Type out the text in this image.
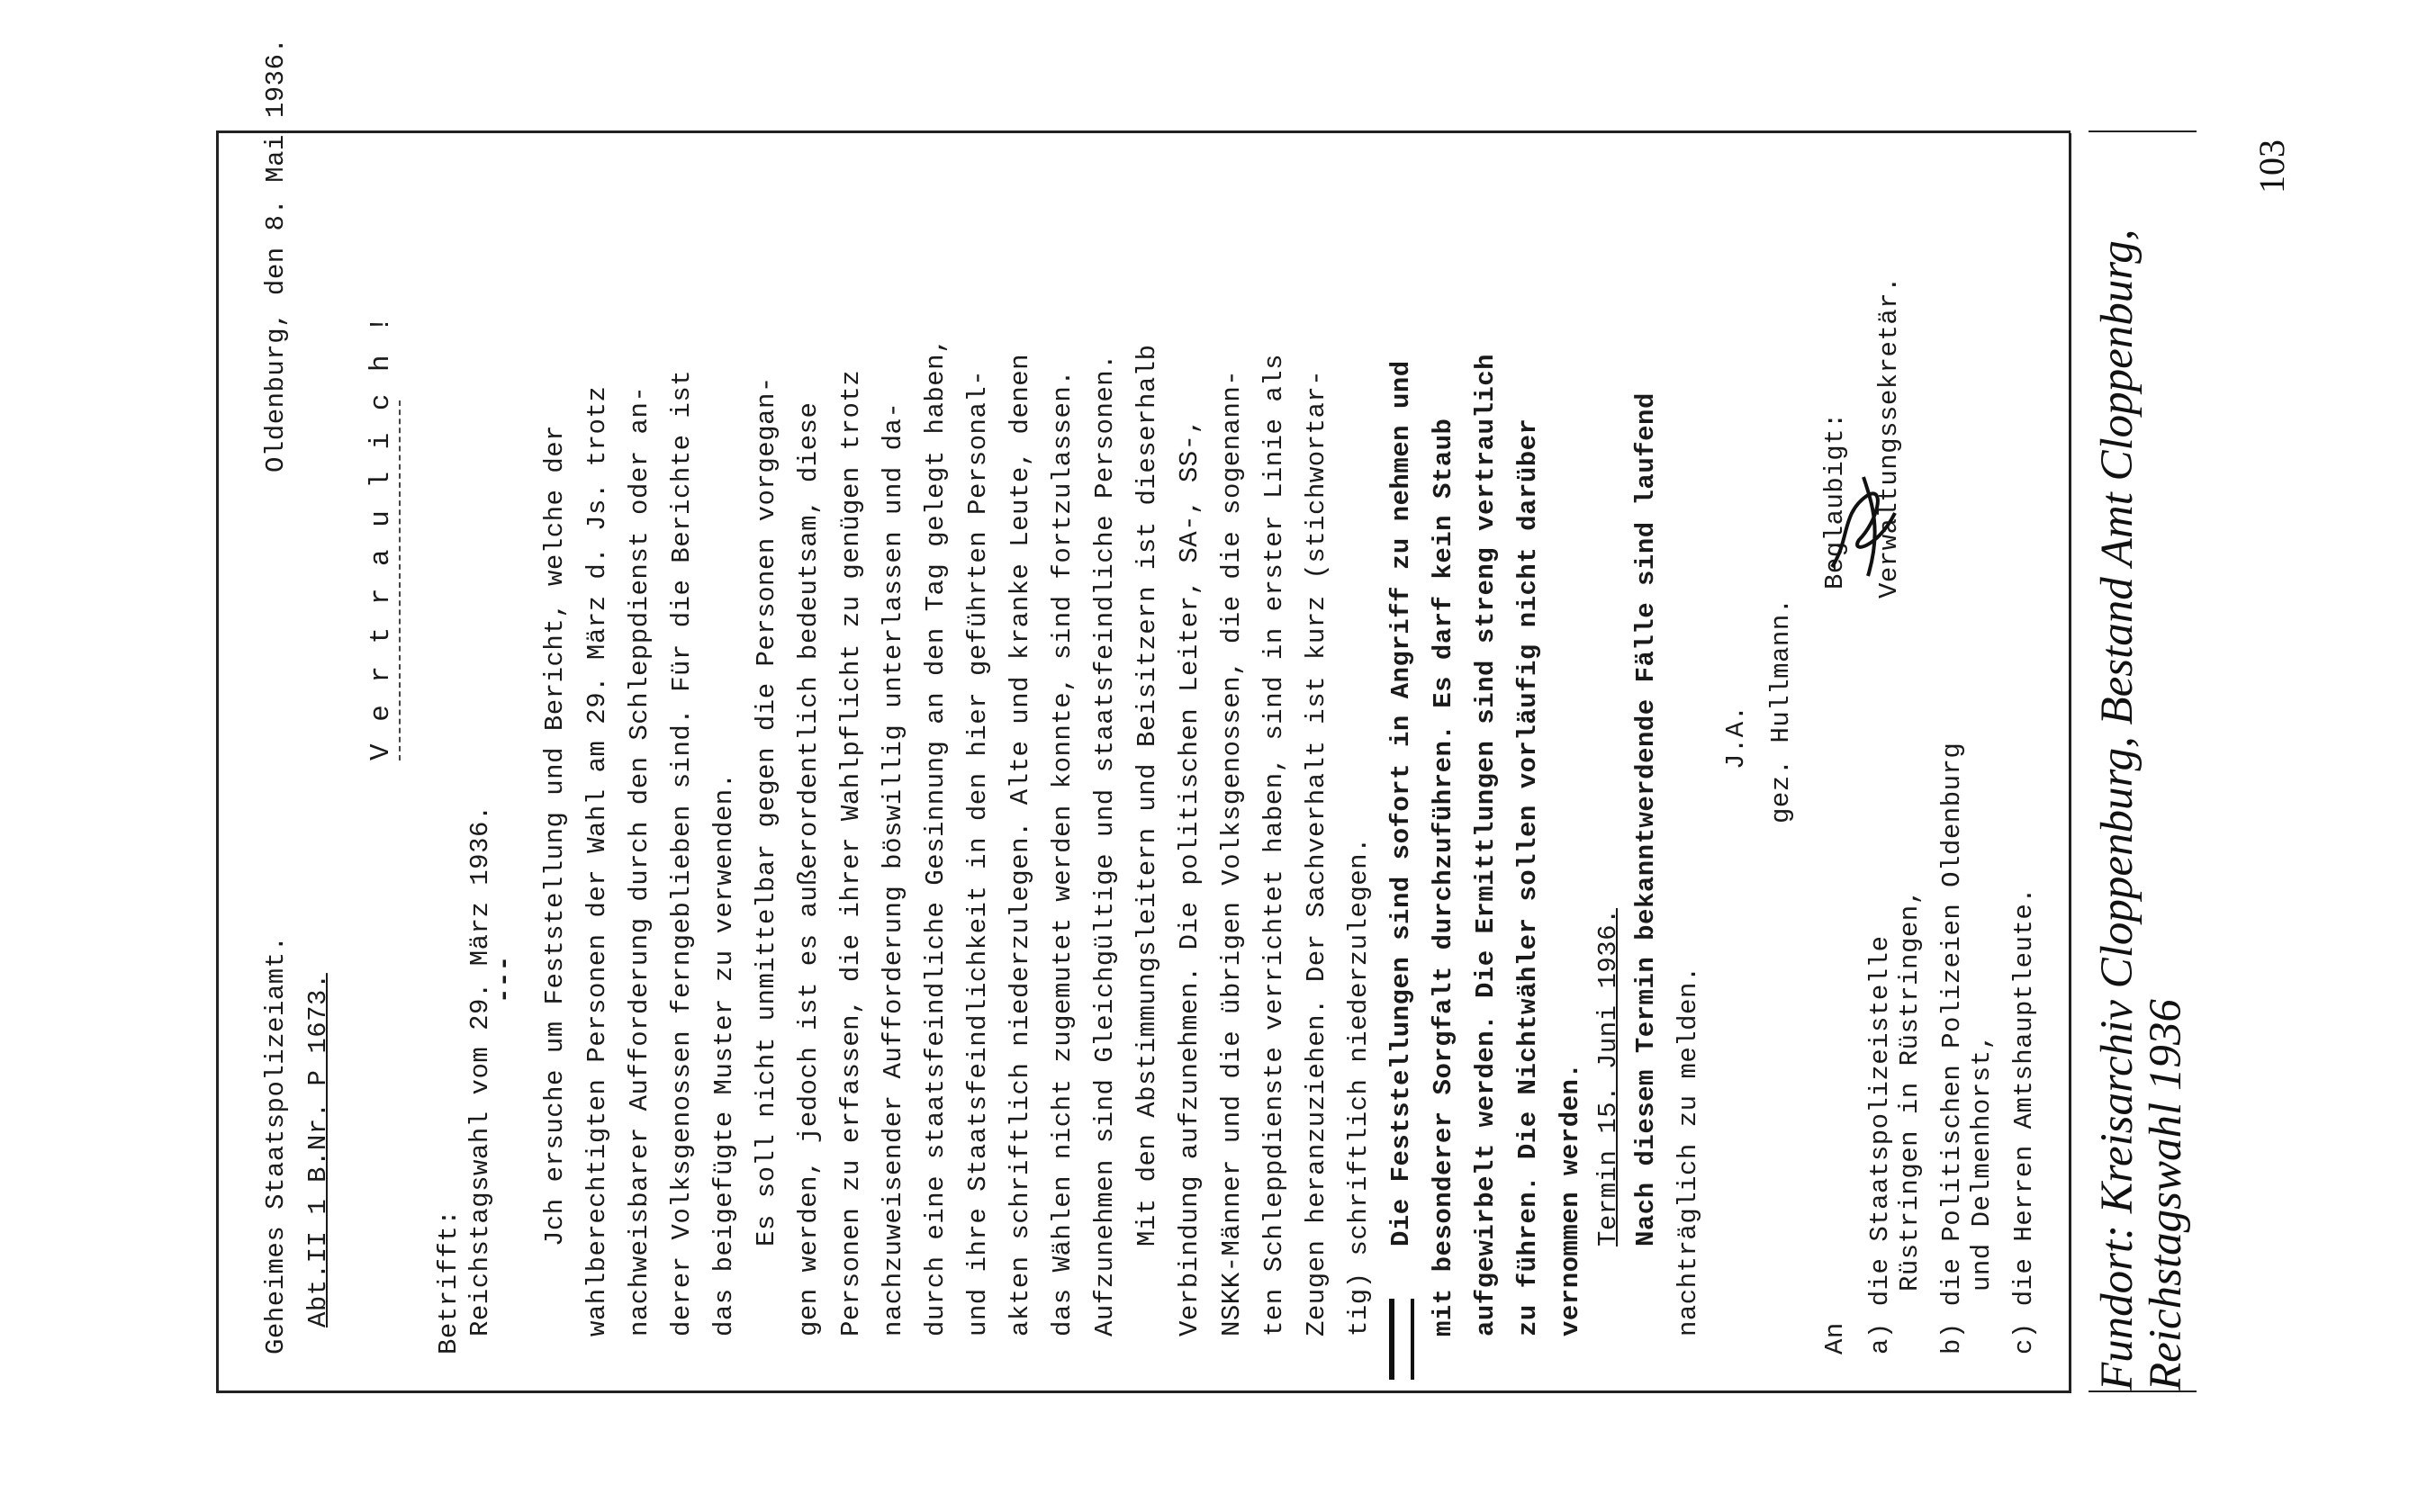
Geheimes Staatspolizeiamt. Abt.II 1 B.Nr. P 1673.
Oldenburg, den 8. Mai 1936.
V e r t r a u l i c h !
Betrifft: Reichstagswahl vom 29. März 1936.
--- Jch ersuche um Feststellung und Bericht, welche der wahlberechtigten Personen der Wahl am 29. März d. Js. trotz nachweisbarer Aufforderung durch den Schleppdienst oder an- derer Volksgenossen ferngeblieben sind. Für die Berichte ist das beigefügte Muster zu verwenden. Es soll nicht unmittelbar gegen die Personen vorgegan- gen werden, jedoch ist es außerordentlich bedeutsam, diese Personen zu erfassen, die ihrer Wahlpflicht zu genügen trotz nachzuweisender Aufforderung böswillig unterlassen und da- durch eine staatsfeindliche Gesinnung an den Tag gelegt haben, und ihre Staatsfeindlichkeit in den hier geführten Personal- akten schriftlich niederzulegen. Alte und kranke Leute, denen das Wählen nicht zugemutet werden konnte, sind fortzulassen. Aufzunehmen sind Gleichgültige und staatsfeindliche Personen. Mit den Abstimmungsleitern und Beisitzern ist dieserhalb Verbindung aufzunehmen. Die politischen Leiter, SA-, SS-, NSKK-Männer und die übrigen Volksgenossen, die die sogenann- ten Schleppdienste verrichtet haben, sind in erster Linie als Zeugen heranzuziehen. Der Sachverhalt ist kurz (stichwortar- tig) schriftlich niederzulegen. Die Feststellungen sind sofort in Angriff zu nehmen und mit besonderer Sorgfalt durchzuführen. Es darf kein Staub aufgewirbelt werden. Die Ermittlungen sind streng vertraulich zu führen. Die Nichtwähler sollen vorläufig nicht darüber vernommen werden. Termin 15. Juni 1936. Nach diesem Termin bekanntwerdende Fälle sind laufend nachträglich zu melden.
J.A. gez. Hullmann.
Beglaubigt: Verwaltungssekretär.
An a) die Staatspolizeistelle Rüstringen in Rüstringen, b) die Politischen Polizeien Oldenburg und Delmenhorst, c) die Herren Amtshauptleute. Fundort: Kreisarchiv Cloppenburg, Bestand Amt Cloppenburg,
Reichstagswahl 1936
103
